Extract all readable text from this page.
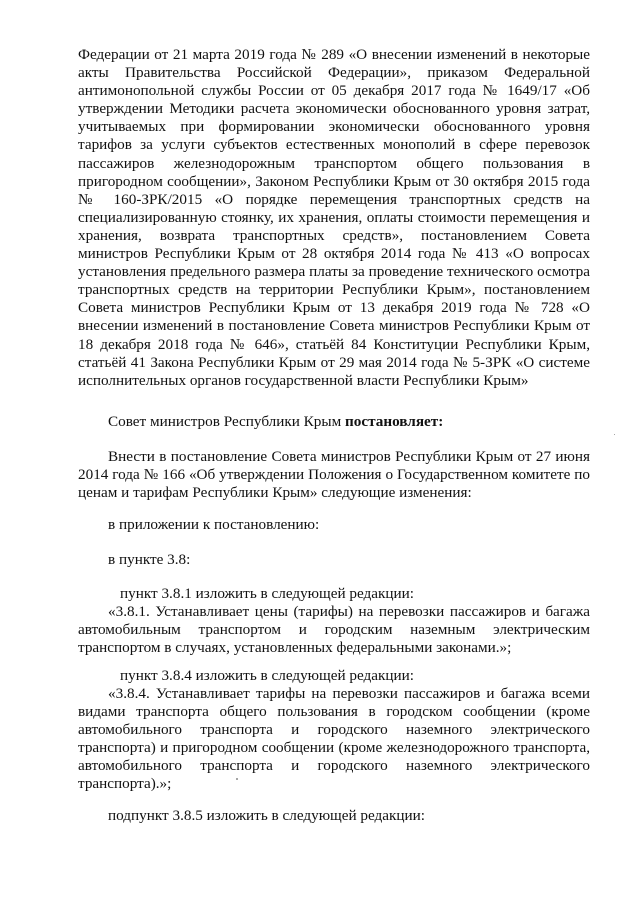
Федерации от 21 марта 2019 года № 289 «О внесении изменений в некоторые акты Правительства Российской Федерации», приказом Федеральной антимонопольной службы России от 05 декабря 2017 года № 1649/17 «Об утверждении Методики расчета экономически обоснованного уровня затрат, учитываемых при формировании экономически обоснованного уровня тарифов за услуги субъектов естественных монополий в сфере перевозок пассажиров железнодорожным транспортом общего пользования в пригородном сообщении», Законом Республики Крым от 30 октября 2015 года № 160-ЗРК/2015 «О порядке перемещения транспортных средств на специализированную стоянку, их хранения, оплаты стоимости перемещения и хранения, возврата транспортных средств», постановлением Совета министров Республики Крым от 28 октября 2014 года № 413 «О вопросах установления предельного размера платы за проведение технического осмотра транспортных средств на территории Республики Крым», постановлением Совета министров Республики Крым от 13 декабря 2019 года № 728 «О внесении изменений в постановление Совета министров Республики Крым от 18 декабря 2018 года № 646», статьёй 84 Конституции Республики Крым, статьёй 41 Закона Республики Крым от 29 мая 2014 года № 5-ЗРК «О системе исполнительных органов государственной власти Республики Крым»
Совет министров Республики Крым постановляет:
Внести в постановление Совета министров Республики Крым от 27 июня 2014 года № 166 «Об утверждении Положения о Государственном комитете по ценам и тарифам Республики Крым» следующие изменения:
в приложении к постановлению:
в пункте 3.8:
пункт 3.8.1 изложить в следующей редакции:
«3.8.1. Устанавливает цены (тарифы) на перевозки пассажиров и багажа автомобильным транспортом и городским наземным электрическим транспортом в случаях, установленных федеральными законами.»;
пункт 3.8.4 изложить в следующей редакции:
«3.8.4. Устанавливает тарифы на перевозки пассажиров и багажа всеми видами транспорта общего пользования в городском сообщении (кроме автомобильного транспорта и городского наземного электрического транспорта) и пригородном сообщении (кроме железнодорожного транспорта, автомобильного транспорта и городского наземного электрического транспорта).»;
подпункт 3.8.5 изложить в следующей редакции:
